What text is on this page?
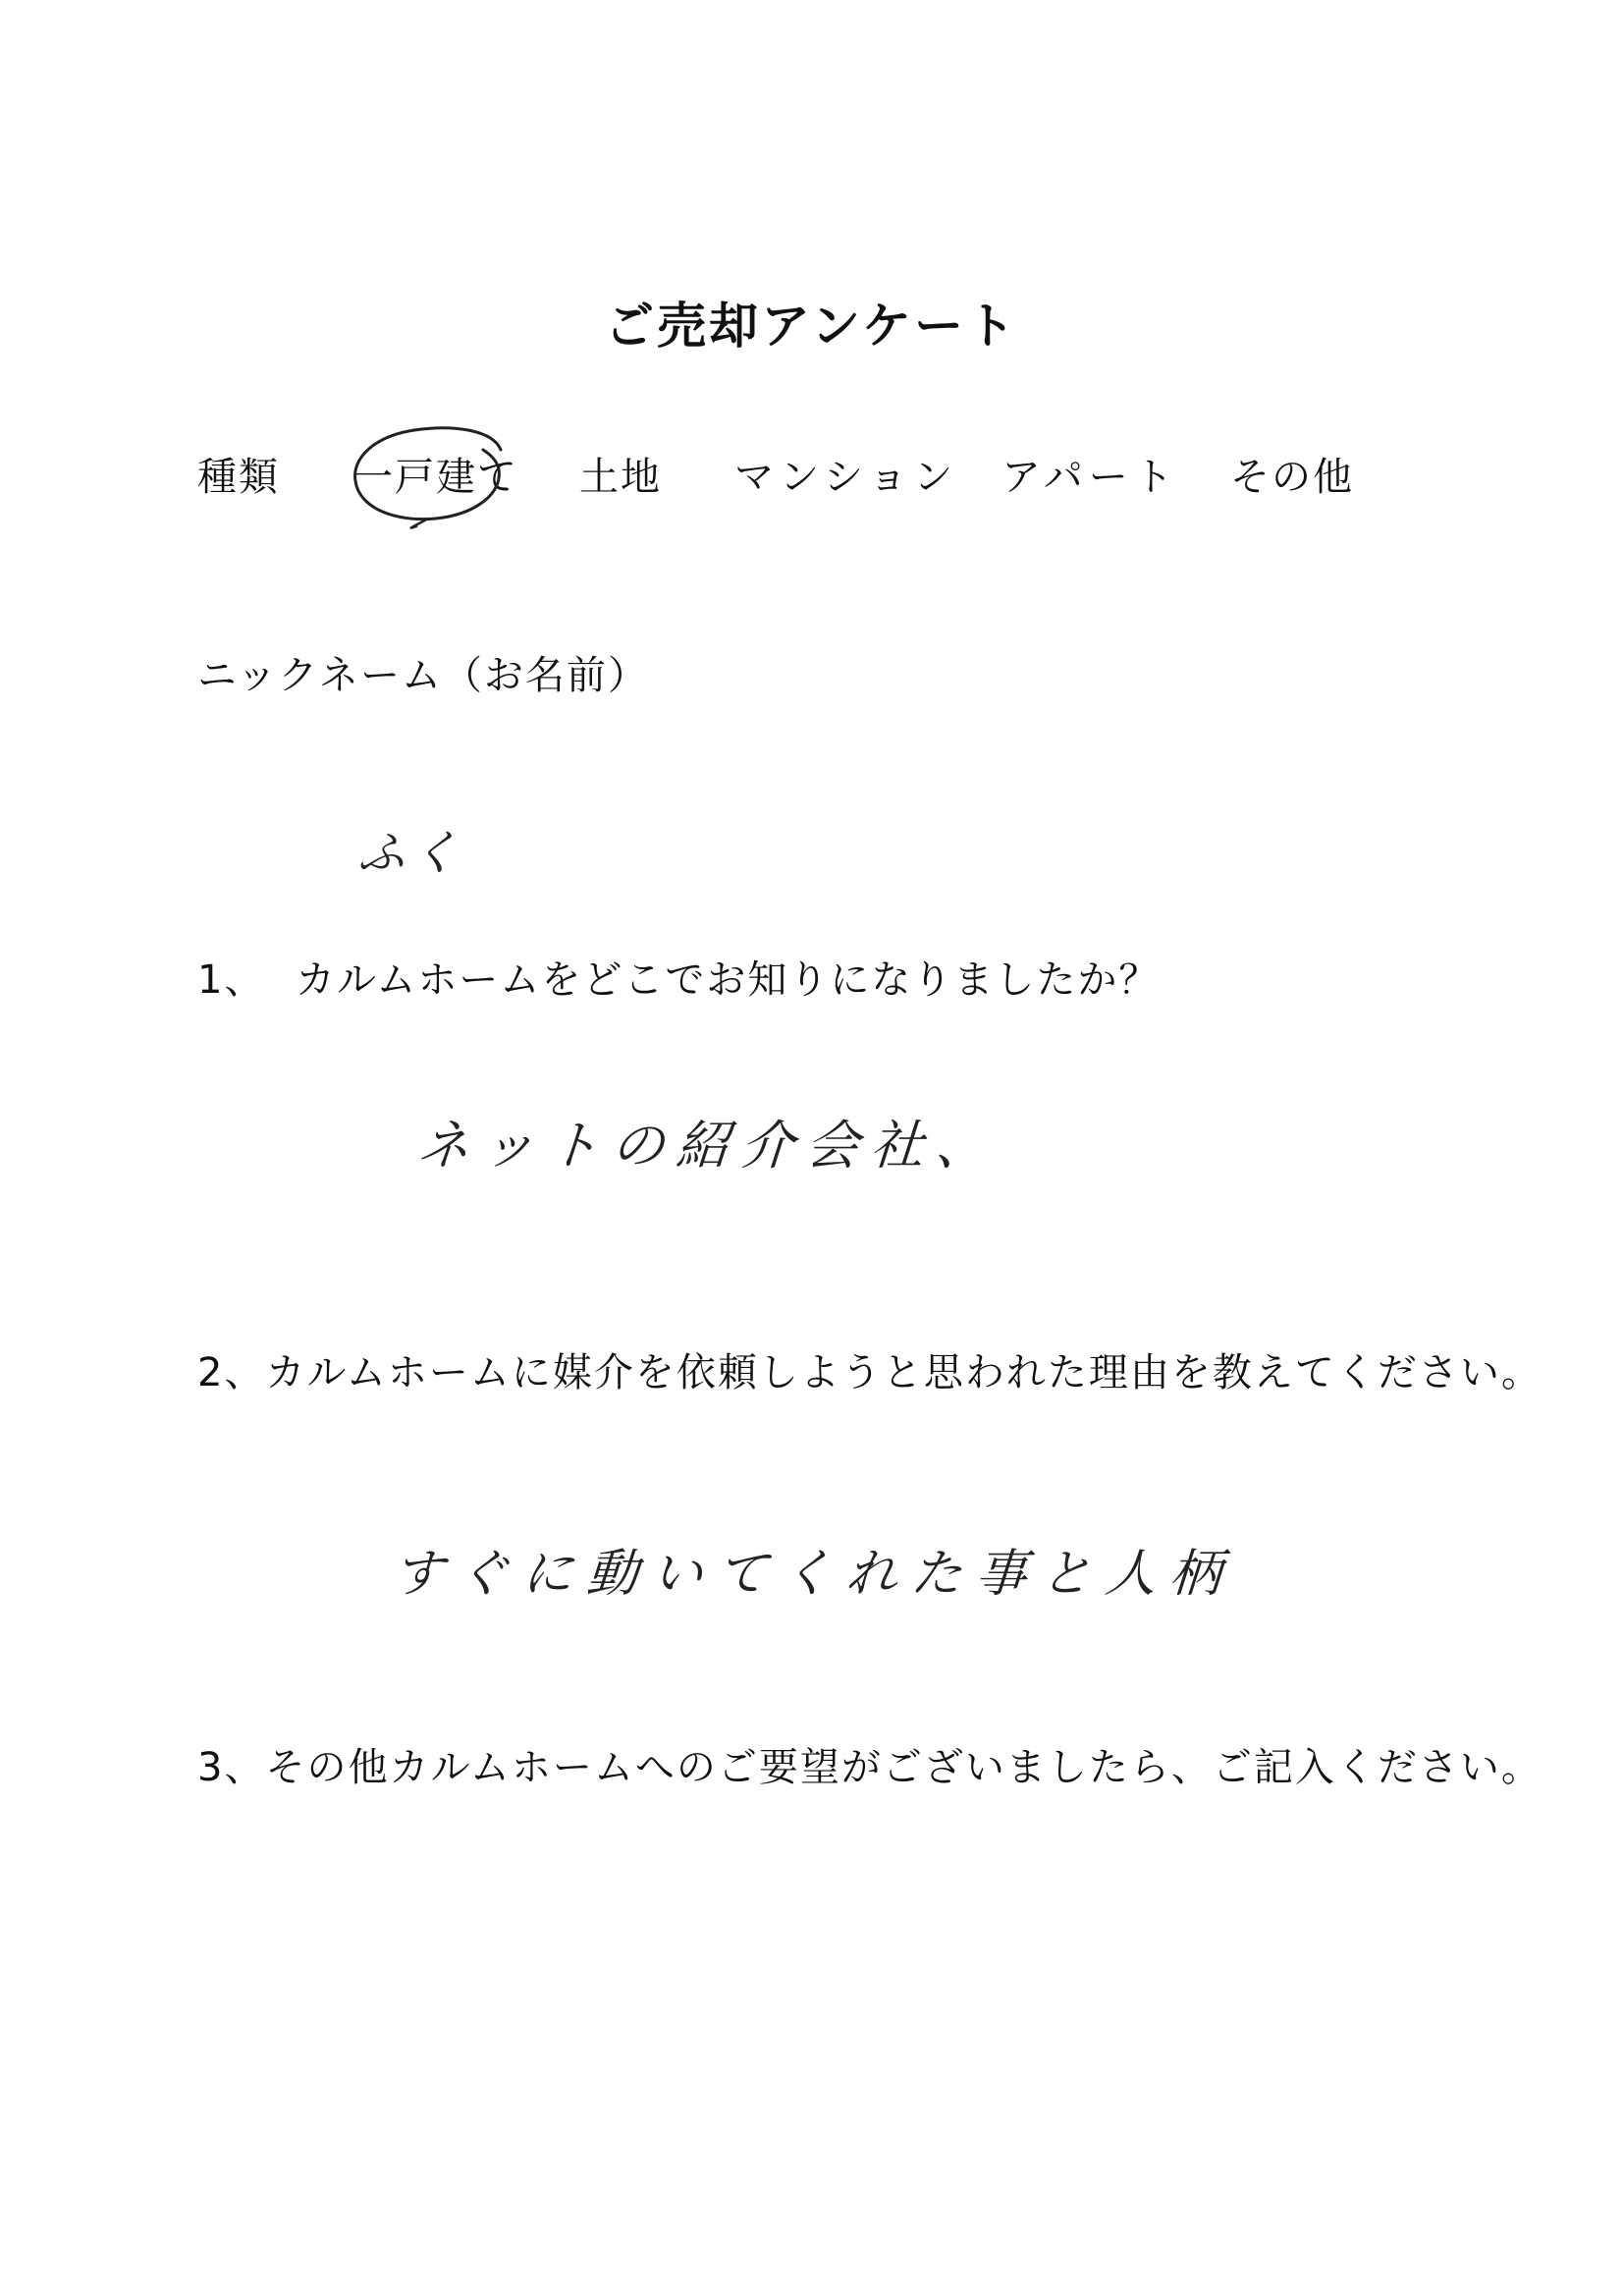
ご売却アンケート
種類 一戸建て 土地 マンション アパート その他
ニックネーム（お名前）
ふく
1、 カルムホームをどこでお知りになりましたか？
ネットの紹介会社、
2、カルムホームに媒介を依頼しようと思われた理由を教えてください。
すぐに動いてくれた事と人柄
3、その他カルムホームへのご要望がございましたら、ご記入ください。
